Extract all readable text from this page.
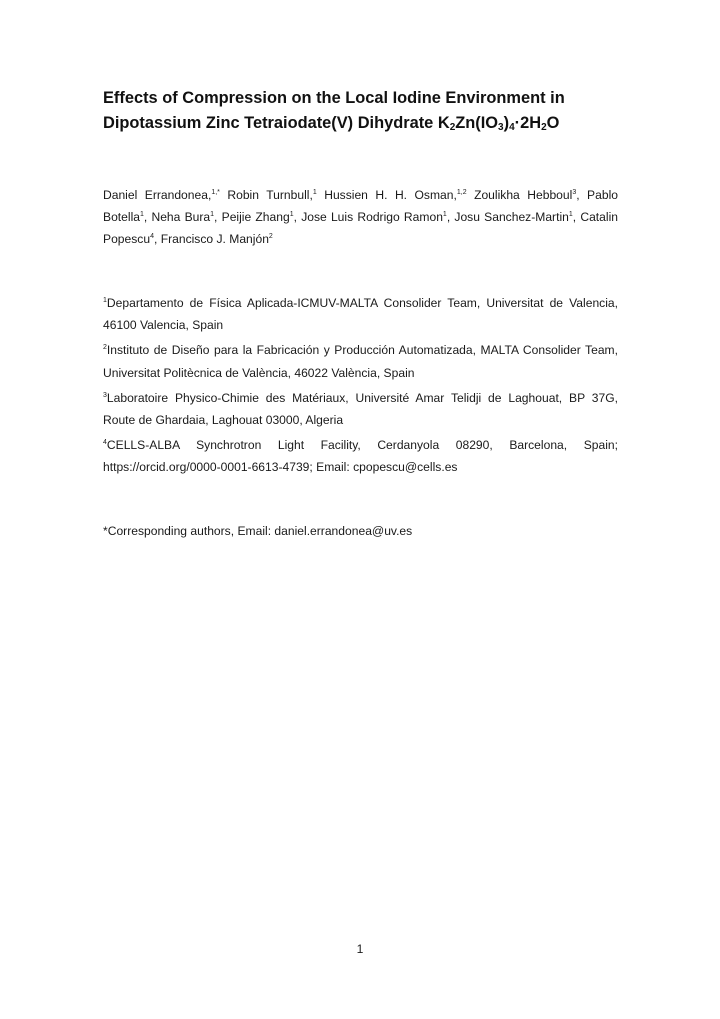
Effects of Compression on the Local Iodine Environment in
Dipotassium Zinc Tetraiodate(V) Dihydrate $K_2Zn(IO_3)_4\cdot 2H_2O$

Daniel Errandonea,$^{1,*}$ Robin Turnbull,$^1$ Hussien H. H. Osman,$^{1,2}$ Zoulikha Hebboul$^3$, Pablo Botella$^1$, Neha Bura$^1$, Peijie Zhang$^1$, Jose Luis Rodrigo Ramon$^1$, Josu Sanchez-Martin$^1$, Catalin Popescu$^4$, Francisco J. Manjón$^2$

$^1$Departamento de Física Aplicada-ICMUV-MALTA Consolider Team, Universitat de Valencia, 46100 Valencia, Spain

$^2$Instituto de Diseño para la Fabricación y Producción Automatizada, MALTA Consolider Team, Universitat Politècnica de València, 46022 València, Spain

$^3$Laboratoire Physico-Chimie des Matériaux, Université Amar Telidji de Laghouat, BP 37G, Route de Ghardaia, Laghouat 03000, Algeria

$^4$CELLS-ALBA Synchrotron Light Facility, Cerdanyola 08290, Barcelona, Spain; https://orcid.org/0000-0001-6613-4739; Email: cpopescu@cells.es

*Corresponding authors, Email: daniel.errandonea@uv.es

1
